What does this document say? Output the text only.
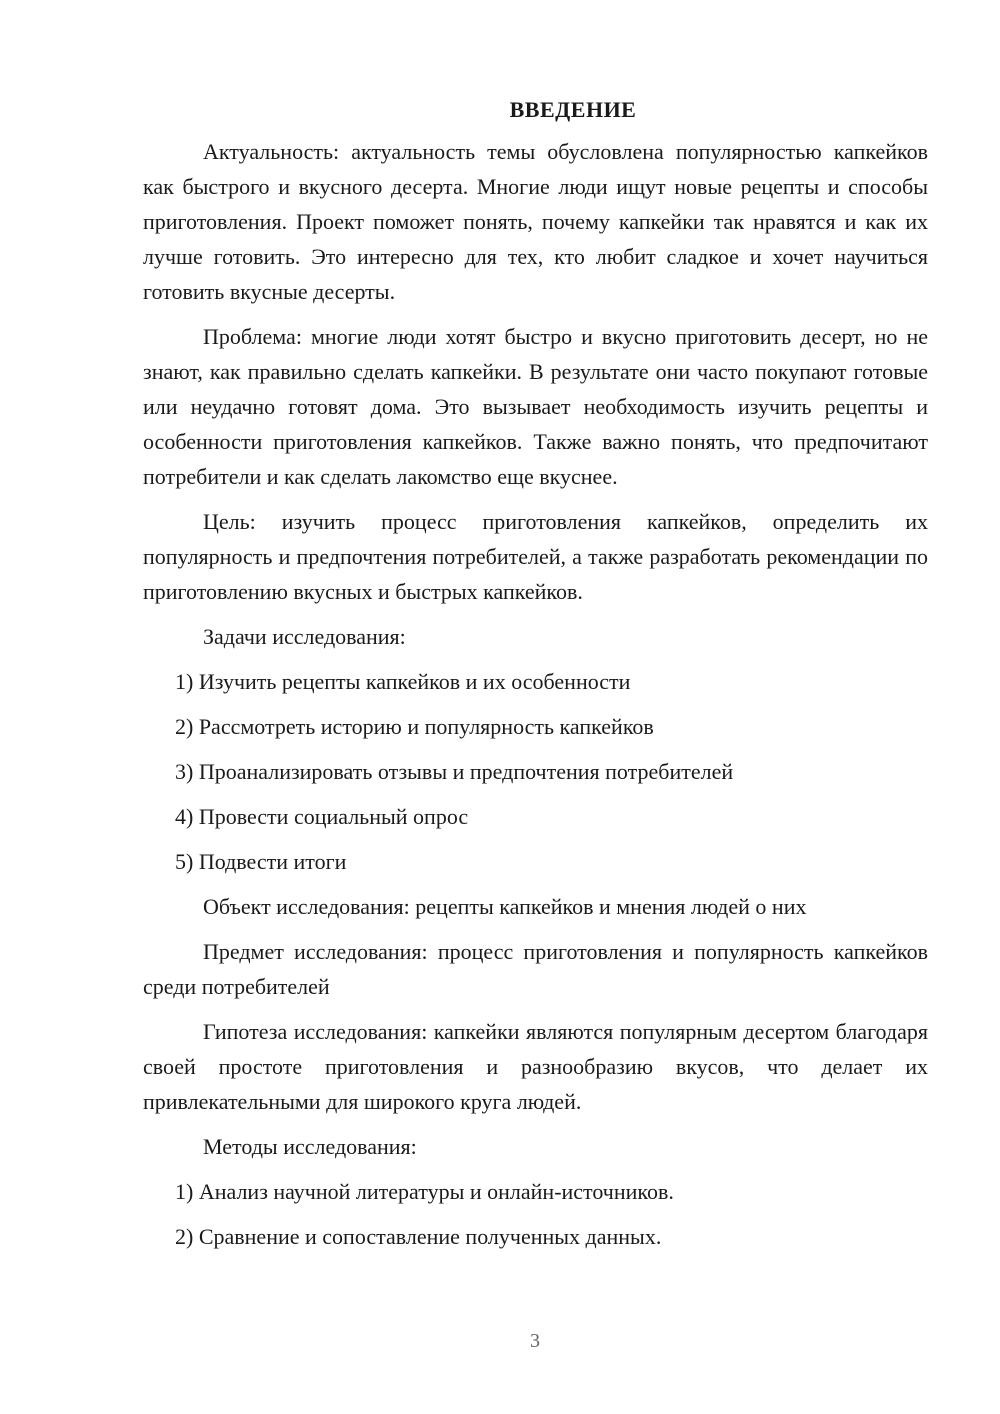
ВВЕДЕНИЕ

Актуальность: актуальность темы обусловлена популярностью капкейков как быстрого и вкусного десерта. Многие люди ищут новые рецепты и способы приготовления. Проект поможет понять, почему капкейки так нравятся и как их лучше готовить. Это интересно для тех, кто любит сладкое и хочет научиться готовить вкусные десерты.

Проблема: многие люди хотят быстро и вкусно приготовить десерт, но не знают, как правильно сделать капкейки. В результате они часто покупают готовые или неудачно готовят дома. Это вызывает необходимость изучить рецепты и особенности приготовления капкейков. Также важно понять, что предпочитают потребители и как сделать лакомство еще вкуснее.

Цель: изучить процесс приготовления капкейков, определить их популярность и предпочтения потребителей, а также разработать рекомендации по приготовлению вкусных и быстрых капкейков.

Задачи исследования:

1) Изучить рецепты капкейков и их особенности

2) Рассмотреть историю и популярность капкейков

3) Проанализировать отзывы и предпочтения потребителей

4) Провести социальный опрос

5) Подвести итоги

Объект исследования: рецепты капкейков и мнения людей о них

Предмет исследования: процесс приготовления и популярность капкейков среди потребителей

Гипотеза исследования: капкейки являются популярным десертом благодаря своей простоте приготовления и разнообразию вкусов, что делает их привлекательными для широкого круга людей.

Методы исследования:

1) Анализ научной литературы и онлайн-источников.

2) Сравнение и сопоставление полученных данных.

3
